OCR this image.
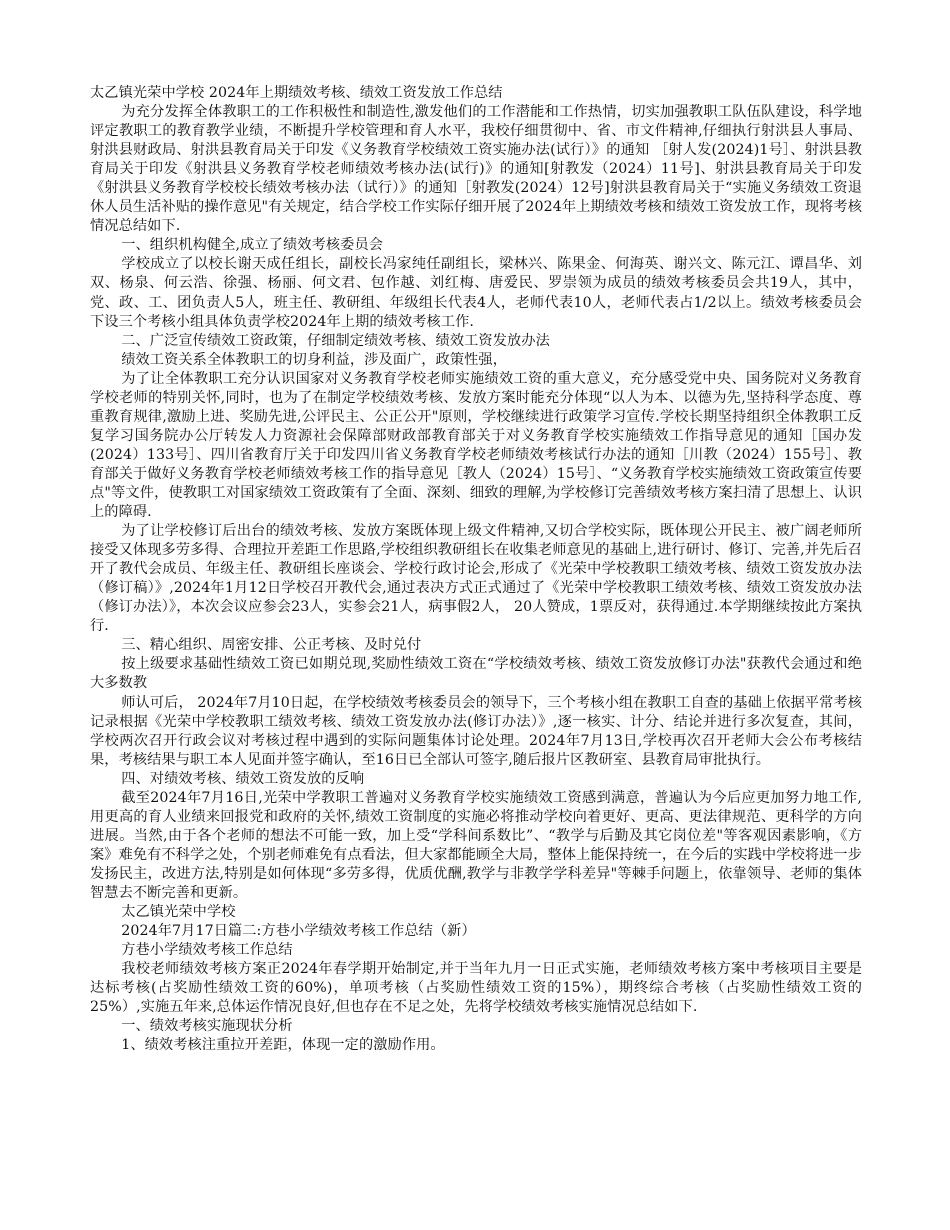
太乙镇光荣中学校 2024年上期绩效考核、绩效工资发放工作总结

为充分发挥全体教职工的工作积极性和制造性,激发他们的工作潜能和工作热情，切实加强教职工队伍队建设，科学地评定教职工的教育教学业绩，不断提升学校管理和育人水平，我校仔细贯彻中、省、市文件精神,仔细执行射洪县人事局、射洪县财政局、射洪县教育局关于印发《义务教育学校绩效工资实施办法(试行）》的通知 ［射人发(2024)1号］、射洪县教育局关于印发《射洪县义务教育学校老师绩效考核办法(试行)》的通知[射教发（2024）11号]、射洪县教育局关于印发《射洪县义务教育学校校长绩效考核办法（试行）》的通知［射教发(2024）12号]射洪县教育局关于“实施义务绩效工资退休人员生活补贴的操作意见"有关规定，结合学校工作实际仔细开展了2024年上期绩效考核和绩效工资发放工作，现将考核情况总结如下.

一、组织机构健全,成立了绩效考核委员会

学校成立了以校长谢天成任组长，副校长冯家纯任副组长，梁林兴、陈果金、何海英、谢兴文、陈元江、谭昌华、刘双、杨泉、何云浩、徐强、杨丽、何文君、包作越、刘红梅、唐爱民、罗崇领为成员的绩效考核委员会共19人，其中，党、政、工、团负责人5人，班主任、教研组、年级组长代表4人，老师代表10人，老师代表占1/2以上。绩效考核委员会下设三个考核小组具体负责学校2024年上期的绩效考核工作.

二、广泛宣传绩效工资政策，仔细制定绩效考核、绩效工资发放办法

绩效工资关系全体教职工的切身利益，涉及面广，政策性强，

为了让全体教职工充分认识国家对义务教育学校老师实施绩效工资的重大意义，充分感受党中央、国务院对义务教育学校老师的特别关怀,同时，也为了在制定学校绩效考核、发放方案时能充分体现“以人为本、以德为先,坚持科学态度、尊重教育规律,激励上进、奖励先进,公评民主、公正公开"原则，学校继续进行政策学习宣传.学校长期坚持组织全体教职工反复学习国务院办公厅转发人力资源社会保障部财政部教育部关于对义务教育学校实施绩效工作指导意见的通知［国办发(2024）133号］、四川省教育厅关于印发四川省义务教育学校老师绩效考核试行办法的通知［川教（2024）155号］、教育部关于做好义务教育学校老师绩效考核工作的指导意见［教人（2024）15号］、“义务教育学校实施绩效工资政策宣传要点"等文件，使教职工对国家绩效工资政策有了全面、深刻、细致的理解,为学校修订完善绩效考核方案扫清了思想上、认识上的障碍.

为了让学校修订后出台的绩效考核、发放方案既体现上级文件精神,又切合学校实际，既体现公开民主、被广阔老师所接受又体现多劳多得、合理拉开差距工作思路,学校组织教研组长在收集老师意见的基础上,进行研讨、修订、完善,并先后召开了教代会成员、年级主任、教研组长座谈会、学校行政讨论会,形成了《光荣中学校教职工绩效考核、绩效工资发放办法（修订稿）》,2024年1月12日学校召开教代会,通过表决方式正式通过了《光荣中学校教职工绩效考核、绩效工资发放办法（修订办法）》，本次会议应参会23人，实参会21人，病事假2人， 20人赞成，1票反对，获得通过.本学期继续按此方案执行.

三、精心组织、周密安排、公正考核、及时兑付

按上级要求基础性绩效工资已如期兑现,奖励性绩效工资在“学校绩效考核、绩效工资发放修订办法"获教代会通过和绝大多数教

师认可后， 2024年7月10日起，在学校绩效考核委员会的领导下，三个考核小组在教职工自查的基础上依据平常考核记录根据《光荣中学校教职工绩效考核、绩效工资发放办法(修订办法）》,逐一核实、计分、结论并进行多次复查，其间，学校两次召开行政会议对考核过程中遇到的实际问题集体讨论处理。2024年7月13日,学校再次召开老师大会公布考核结果，考核结果与职工本人见面并签字确认，至16日已全部认可签字,随后报片区教研室、县教育局审批执行。

四、对绩效考核、绩效工资发放的反响

截至2024年7月16日,光荣中学教职工普遍对义务教育学校实施绩效工资感到满意，普遍认为今后应更加努力地工作,用更高的育人业绩来回报党和政府的关怀,绩效工资制度的实施必将推动学校向着更好、更高、更法律规范、更科学的方向进展。当然,由于各个老师的想法不可能一致，加上受“学科间系数比”、“教学与后勤及其它岗位差"等客观因素影响，《方案》难免有不科学之处，个别老师难免有点看法，但大家都能顾全大局，整体上能保持统一，在今后的实践中学校将进一步发扬民主，改进方法,特别是如何体现“多劳多得，优质优酬,教学与非教学学科差异"等棘手问题上，依靠领导、老师的集体智慧去不断完善和更新。

太乙镇光荣中学校

2024年7月17日篇二:方巷小学绩效考核工作总结（新）

方巷小学绩效考核工作总结

我校老师绩效考核方案正2024年春学期开始制定,并于当年九月一日正式实施，老师绩效考核方案中考核项目主要是达标考核(占奖励性绩效工资的60%)，单项考核（占奖励性绩效工资的15%），期终综合考核（占奖励性绩效工资的25%）,实施五年来,总体运作情况良好,但也存在不足之处，先将学校绩效考核实施情况总结如下.

一、绩效考核实施现状分析

1、绩效考核注重拉开差距，体现一定的激励作用。
